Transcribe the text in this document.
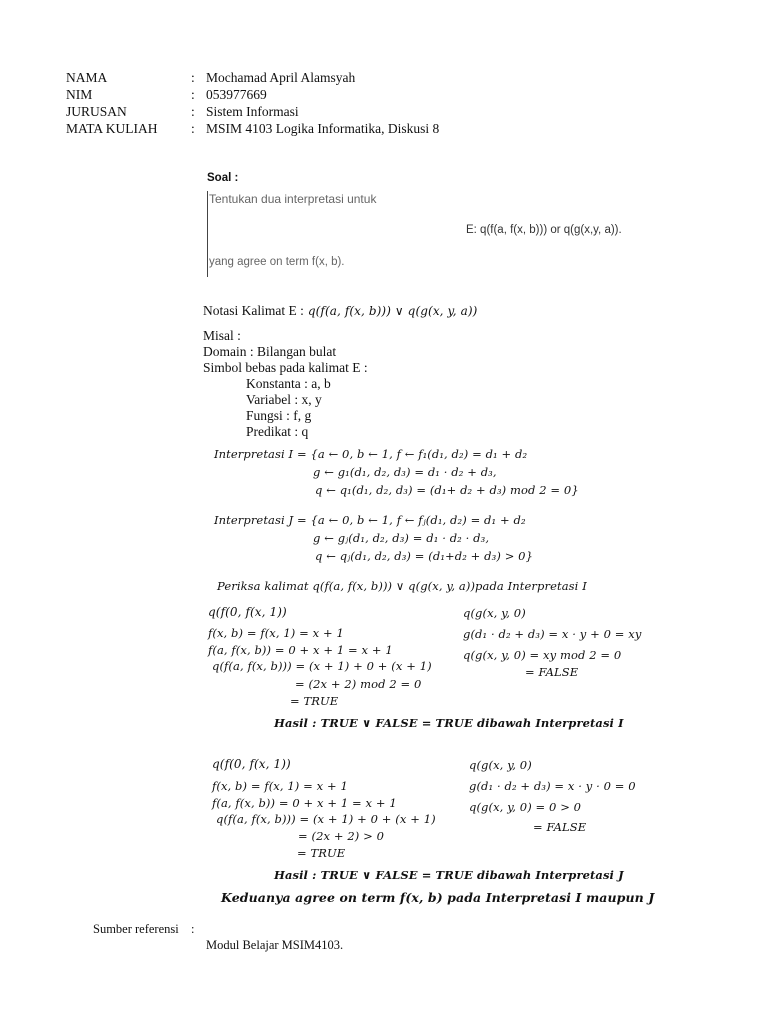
NAMA	: Mochamad April Alamsyah
NIM	: 053977669
JURUSAN	: Sistem Informasi
MATA KULIAH : MSIM 4103 Logika Informatika, Diskusi 8
Soal :
Tentukan dua interpretasi untuk
E: q(f(a, f(x, b))) or q(g(x,y, a)).
yang agree on term f(x, b).
Notasi Kalimat E : q(f(a, f(x, b))) ∨ q(g(x, y, a))
Misal :
Domain : Bilangan bulat
Simbol bebas pada kalimat E :
Konstanta : a, b
Variabel : x, y
Fungsi : f, g
Predikat : q
Interpretasi I = {a ← 0, b ← 1, f ← f₁(d₁, d₂) = d₁ + d₂
g ← g₁(d₁, d₂, d₃) = d₁ · d₂ + d₃,
q ← q₁(d₁, d₂, d₃) = (d₁+ d₂ + d₃) mod 2 = 0}
Interpretasi J = {a ← 0, b ← 1, f ← fⱼ(d₁, d₂) = d₁ + d₂
g ← gⱼ(d₁, d₂, d₃) = d₁ · d₂ · d₃,
q ← qⱼ(d₁, d₂, d₃) = (d₁+d₂ + d₃) > 0}
Periksa kalimat q(f(a, f(x, b))) ∨ q(g(x, y, a))pada Interpretasi I
q(f(0, f(x, 1))
f(x, b) = f(x, 1) = x + 1
f(a, f(x, b)) = 0 + x + 1 = x + 1
q(f(a, f(x, b))) = (x + 1) + 0 + (x + 1)
= (2x + 2) mod 2 = 0
= TRUE
q(g(x, y, 0)
g(d₁ · d₂ + d₃) = x · y + 0 = xy
q(g(x, y, 0) = xy mod 2 = 0
= FALSE
Hasil : TRUE ∨ FALSE = TRUE dibawah Interpretasi I
q(f(0, f(x, 1))
f(x, b) = f(x, 1) = x + 1
f(a, f(x, b)) = 0 + x + 1 = x + 1
q(f(a, f(x, b))) = (x + 1) + 0 + (x + 1)
= (2x + 2) > 0
= TRUE
q(g(x, y, 0)
g(d₁ · d₂ + d₃) = x · y · 0 = 0
q(g(x, y, 0) = 0 > 0
= FALSE
Hasil : TRUE ∨ FALSE = TRUE dibawah Interpretasi J
Keduanya agree on term f(x, b) pada Interpretasi I maupun J
Sumber referensi :
Modul Belajar MSIM4103.
